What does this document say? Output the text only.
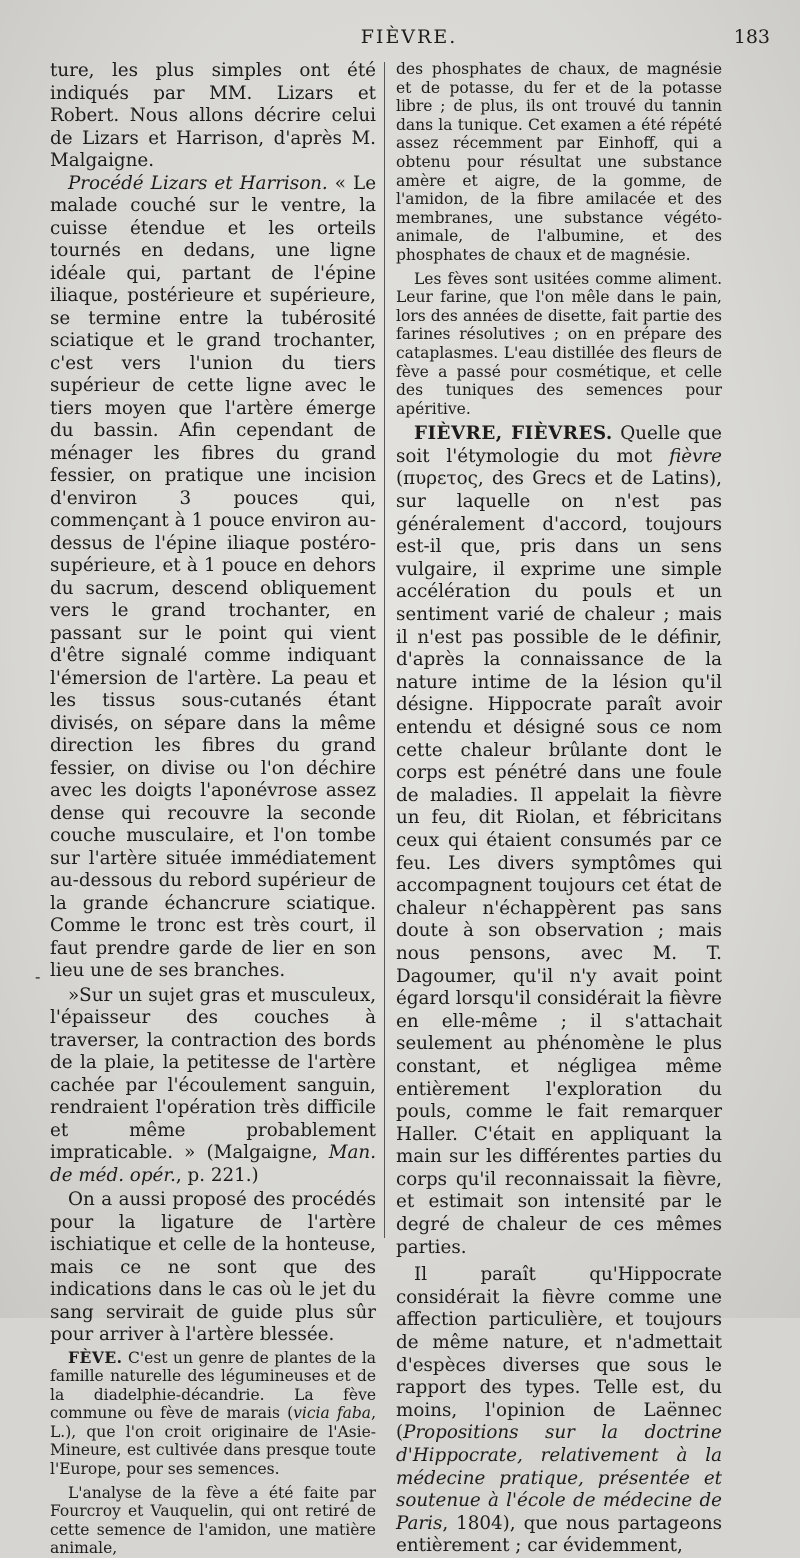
FIÈVRE.	183
-

ture, les plus simples ont été indiqués par MM. Lizars et Robert. Nous allons décrire celui de Lizars et Harrison, d'après M. Malgaigne.

Procédé Lizars et Harrison. « Le malade couché sur le ventre, la cuisse étendue et les orteils tournés en dedans, une ligne idéale qui, partant de l'épine iliaque, postérieure et supérieure, se termine entre la tubérosité sciatique et le grand trochanter, c'est vers l'union du tiers supérieur de cette ligne avec le tiers moyen que l'artère émerge du bassin. Afin cependant de ménager les fibres du grand fessier, on pratique une incision d'environ 3 pouces qui, commençant à 1 pouce environ au-dessus de l'épine iliaque postéro-supérieure, et à 1 pouce en dehors du sacrum, descend obliquement vers le grand trochanter, en passant sur le point qui vient d'être signalé comme indiquant l'émersion de l'artère. La peau et les tissus sous-cutanés étant divisés, on sépare dans la même direction les fibres du grand fessier, on divise ou l'on déchire avec les doigts l'aponévrose assez dense qui recouvre la seconde couche musculaire, et l'on tombe sur l'artère située immédiatement au-dessous du rebord supérieur de la grande échancrure sciatique. Comme le tronc est très court, il faut prendre garde de lier en son lieu une de ses branches.

»Sur un sujet gras et musculeux, l'épaisseur des couches à traverser, la contraction des bords de la plaie, la petitesse de l'artère cachée par l'écoulement sanguin, rendraient l'opération très difficile et même probablement impraticable. » (Malgaigne, Man. de méd. opér., p. 221.)

On a aussi proposé des procédés pour la ligature de l'artère ischiatique et celle de la honteuse, mais ce ne sont que des indications dans le cas où le jet du sang servirait de guide plus sûr pour arriver à l'artère blessée.

FÈVE. C'est un genre de plantes de la famille naturelle des légumineuses et de la diadelphie-décandrie. La fève commune ou fève de marais (vicia faba, L.), que l'on croit originaire de l'Asie-Mineure, est cultivée dans presque toute l'Europe, pour ses semences.

L'analyse de la fève a été faite par Fourcroy et Vauquelin, qui ont retiré de cette semence de l'amidon, une matière animale,

des phosphates de chaux, de magnésie et de potasse, du fer et de la potasse libre ; de plus, ils ont trouvé du tannin dans la tunique. Cet examen a été répété assez récemment par Einhoff, qui a obtenu pour résultat une substance amère et aigre, de la gomme, de l'amidon, de la fibre amilacée et des membranes, une substance végéto-animale, de l'albumine, et des phosphates de chaux et de magnésie.

Les fèves sont usitées comme aliment. Leur farine, que l'on mêle dans le pain, lors des années de disette, fait partie des farines résolutives ; on en prépare des cataplasmes. L'eau distillée des fleurs de fève a passé pour cosmétique, et celle des tuniques des semences pour apéritive.

FIÈVRE, FIÈVRES. Quelle que soit l'étymologie du mot fièvre (πυρετος, des Grecs et de Latins), sur laquelle on n'est pas généralement d'accord, toujours est-il que, pris dans un sens vulgaire, il exprime une simple accélération du pouls et un sentiment varié de chaleur ; mais il n'est pas possible de le définir, d'après la connaissance de la nature intime de la lésion qu'il désigne. Hippocrate paraît avoir entendu et désigné sous ce nom cette chaleur brûlante dont le corps est pénétré dans une foule de maladies. Il appelait la fièvre un feu, dit Riolan, et fébricitans ceux qui étaient consumés par ce feu. Les divers symptômes qui accompagnent toujours cet état de chaleur n'échappèrent pas sans doute à son observation ; mais nous pensons, avec M. T. Dagoumer, qu'il n'y avait point égard lorsqu'il considérait la fièvre en elle-même ; il s'attachait seulement au phénomène le plus constant, et négligea même entièrement l'exploration du pouls, comme le fait remarquer Haller. C'était en appliquant la main sur les différentes parties du corps qu'il reconnaissait la fièvre, et estimait son intensité par le degré de chaleur de ces mêmes parties.

Il paraît qu'Hippocrate considérait la fièvre comme une affection particulière, et toujours de même nature, et n'admettait d'espèces diverses que sous le rapport des types. Telle est, du moins, l'opinion de Laënnec (Propositions sur la doctrine d'Hippocrate, relativement à la médecine pratique, présentée et soutenue à l'école de médecine de Paris, 1804), que nous partageons entièrement ; car évidemment,
